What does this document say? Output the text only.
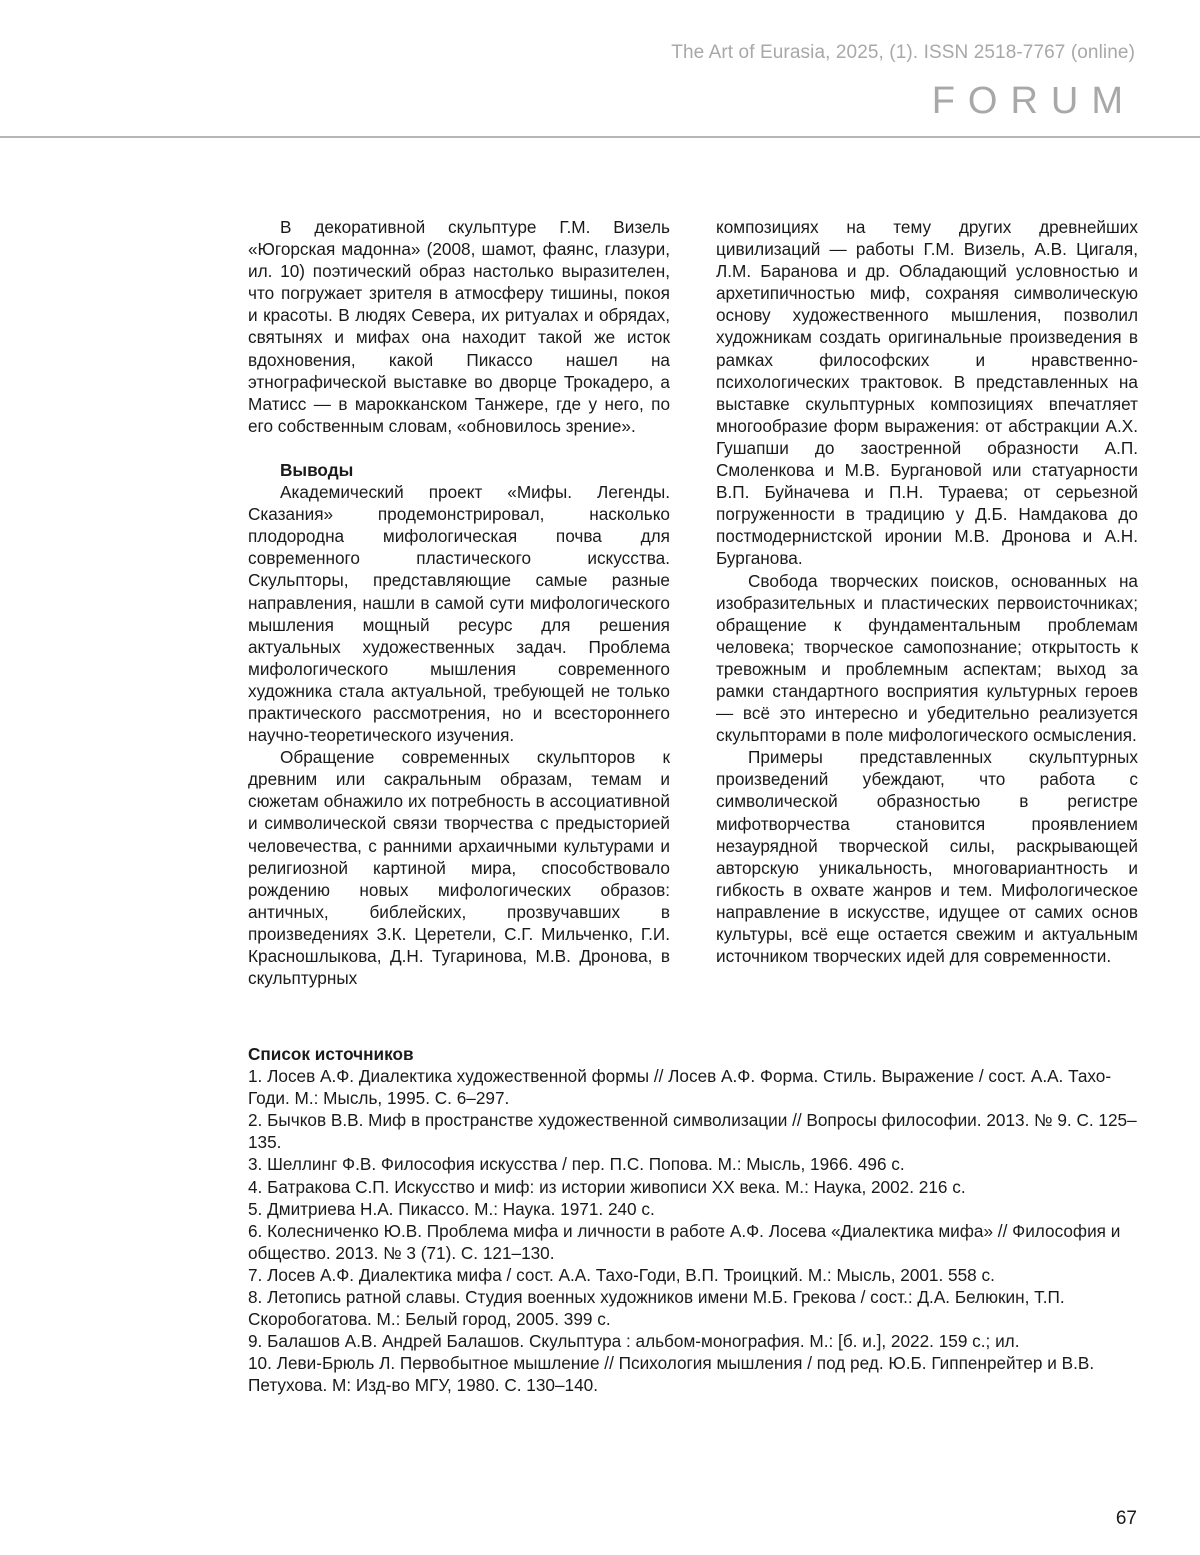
The Art of Eurasia, 2025, (1). ISSN 2518-7767 (online)
FORUM

В декоративной скульптуре Г.М. Визель «Югорская мадонна» (2008, шамот, фаянс, глазури, ил. 10) поэтический образ настолько выразителен, что погружает зрителя в атмосферу тишины, покоя и красоты. В людях Севера, их ритуалах и обрядах, святынях и мифах она находит такой же исток вдохновения, какой Пикассо нашел на этнографической выставке во дворце Трокадеро, а Матисс — в марокканском Танжере, где у него, по его собственным словам, «обновилось зрение».

Выводы

Академический проект «Мифы. Легенды. Сказания» продемонстрировал, насколько плодородна мифологическая почва для современного пластического искусства. Скульпторы, представляющие самые разные направления, нашли в самой сути мифологического мышления мощный ресурс для решения актуальных художественных задач. Проблема мифологического мышления современного художника стала актуальной, требующей не только практического рассмотрения, но и всестороннего научно-теоретического изучения.

Обращение современных скульпторов к древним или сакральным образам, темам и сюжетам обнажило их потребность в ассоциативной и символической связи творчества с предысторией человечества, с ранними архаичными культурами и религиозной картиной мира, способствовало рождению новых мифологических образов: античных, библейских, прозвучавших в произведениях З.К. Церетели, С.Г. Мильченко, Г.И. Красношлыкова, Д.Н. Тугаринова, М.В. Дронова, в скульптурных

композициях на тему других древнейших цивилизаций — работы Г.М. Визель, А.В. Цигаля, Л.М. Баранова и др. Обладающий условностью и архетипичностью миф, сохраняя символическую основу художественного мышления, позволил художникам создать оригинальные произведения в рамках философских и нравственно-психологических трактовок. В представленных на выставке скульптурных композициях впечатляет многообразие форм выражения: от абстракции А.Х. Гушапши до заостренной образности А.П. Смоленкова и М.В. Бургановой или статуарности В.П. Буйначева и П.Н. Тураева; от серьезной погруженности в традицию у Д.Б. Намдакова до постмодернистской иронии М.В. Дронова и А.Н. Бурганова.

Свобода творческих поисков, основанных на изобразительных и пластических первоисточниках; обращение к фундаментальным проблемам человека; творческое самопознание; открытость к тревожным и проблемным аспектам; выход за рамки стандартного восприятия культурных героев — всё это интересно и убедительно реализуется скульпторами в поле мифологического осмысления.

Примеры представленных скульптурных произведений убеждают, что работа с символической образностью в регистре мифотворчества становится проявлением незаурядной творческой силы, раскрывающей авторскую уникальность, многовариантность и гибкость в охвате жанров и тем. Мифологическое направление в искусстве, идущее от самих основ культуры, всё еще остается свежим и актуальным источником творческих идей для современности.

Список источников
1. Лосев А.Ф. Диалектика художественной формы // Лосев А.Ф. Форма. Стиль. Выражение / сост. А.А. Тахо-Годи. М.: Мысль, 1995. С. 6–297.
2. Бычков В.В. Миф в пространстве художественной символизации // Вопросы философии. 2013. № 9. С. 125–135.
3. Шеллинг Ф.В. Философия искусства / пер. П.С. Попова. М.: Мысль, 1966. 496 с.
4. Батракова С.П. Искусство и миф: из истории живописи XX века. М.: Наука, 2002. 216 с.
5. Дмитриева Н.А. Пикассо. М.: Наука. 1971. 240 с.
6. Колесниченко Ю.В. Проблема мифа и личности в работе А.Ф. Лосева «Диалектика мифа» // Философия и общество. 2013. № 3 (71). С. 121–130.
7. Лосев А.Ф. Диалектика мифа / сост. А.А. Тахо-Годи, В.П. Троицкий. М.: Мысль, 2001. 558 с.
8. Летопись ратной славы. Студия военных художников имени М.Б. Грекова / сост.: Д.А. Белюкин, Т.П. Скоробогатова. М.: Белый город, 2005. 399 с.
9. Балашов А.В. Андрей Балашов. Скульптура : альбом-монография. М.: [б. и.], 2022. 159 с.; ил.
10. Леви-Брюль Л. Первобытное мышление // Психология мышления / под ред. Ю.Б. Гиппенрейтер и В.В. Петухова. М: Изд-во МГУ, 1980. С. 130–140.
67
